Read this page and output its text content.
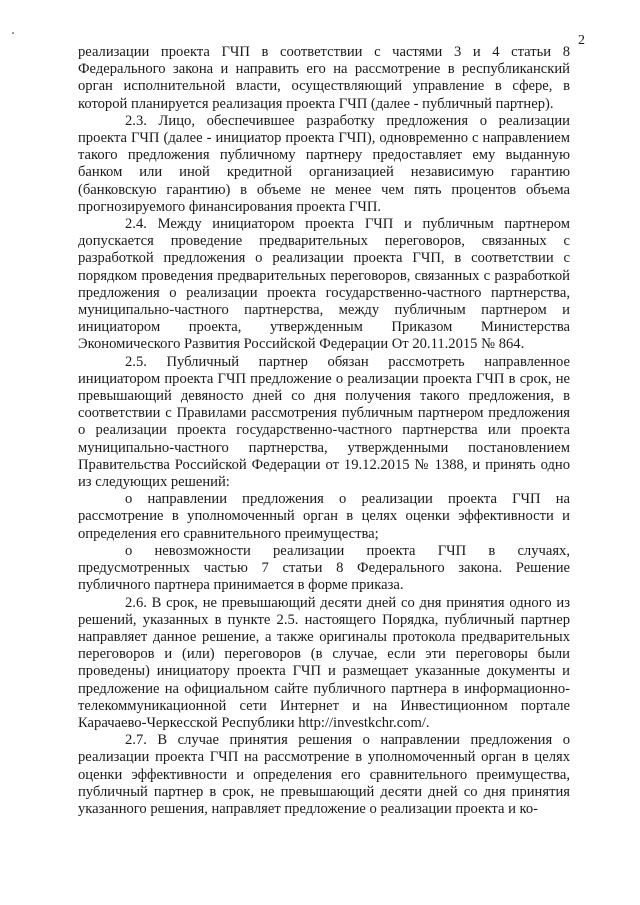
2

реализации проекта ГЧП в соответствии с частями 3 и 4 статьи 8 Федерального закона и направить его на рассмотрение в республиканский орган исполнительной власти, осуществляющий управление в сфере, в которой планируется реализация проекта ГЧП (далее - публичный партнер).

2.3. Лицо, обеспечившее разработку предложения о реализации проекта ГЧП (далее - инициатор проекта ГЧП), одновременно с направлением такого предложения публичному партнеру предоставляет ему выданную банком или иной кредитной организацией независимую гарантию (банковскую гарантию) в объеме не менее чем пять процентов объема прогнозируемого финансирования проекта ГЧП.

2.4. Между инициатором проекта ГЧП и публичным партнером допускается проведение предварительных переговоров, связанных с разработкой предложения о реализации проекта ГЧП, в соответствии с порядком проведения предварительных переговоров, связанных с разработкой предложения о реализации проекта государственно-частного партнерства, муниципально-частного партнерства, между публичным партнером и инициатором проекта, утвержденным Приказом Министерства Экономического Развития Российской Федерации От 20.11.2015 № 864.

2.5. Публичный партнер обязан рассмотреть направленное инициатором проекта ГЧП предложение о реализации проекта ГЧП в срок, не превышающий девяносто дней со дня получения такого предложения, в соответствии с Правилами рассмотрения публичным партнером предложения о реализации проекта государственно-частного партнерства или проекта муниципально-частного партнерства, утвержденными постановлением Правительства Российской Федерации от 19.12.2015 № 1388, и принять одно из следующих решений:

о направлении предложения о реализации проекта ГЧП на рассмотрение в уполномоченный орган в целях оценки эффективности и определения его сравнительного преимущества;

о невозможности реализации проекта ГЧП в случаях, предусмотренных частью 7 статьи 8 Федерального закона. Решение публичного партнера принимается в форме приказа.

2.6. В срок, не превышающий десяти дней со дня принятия одного из решений, указанных в пункте 2.5. настоящего Порядка, публичный партнер направляет данное решение, а также оригиналы протокола предварительных переговоров и (или) переговоров (в случае, если эти переговоры были проведены) инициатору проекта ГЧП и размещает указанные документы и предложение на официальном сайте публичного партнера в информационно-телекоммуникационной сети Интернет и на Инвестиционном портале Карачаево-Черкесской Республики http://investkchr.com/.

2.7. В случае принятия решения о направлении предложения о реализации проекта ГЧП на рассмотрение в уполномоченный орган в целях оценки эффективности и определения его сравнительного преимущества, публичный партнер в срок, не превышающий десяти дней со дня принятия указанного решения, направляет предложение о реализации проекта и ко-
